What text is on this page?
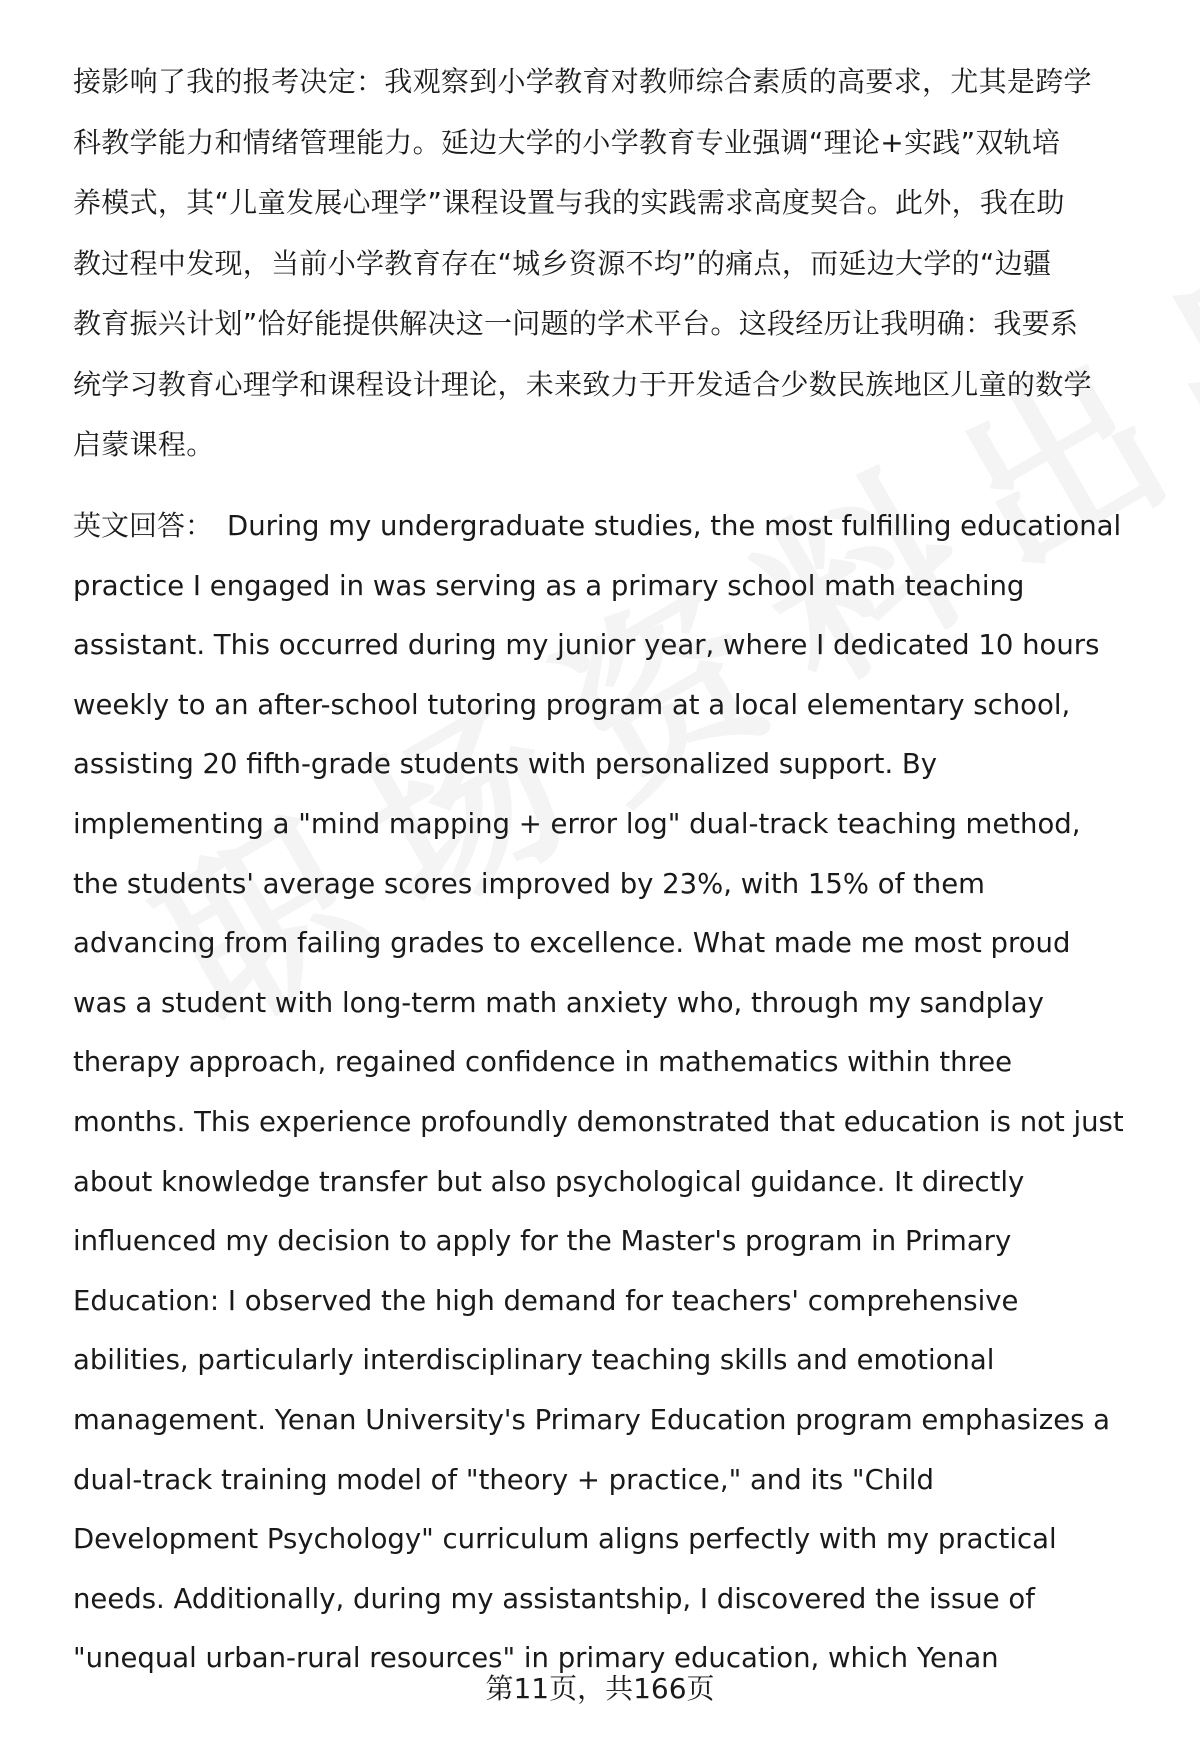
接影响了我的报考决定：我观察到小学教育对教师综合素质的高要求，尤其是跨学
科教学能力和情绪管理能力。延边大学的小学教育专业强调“理论+实践”双轨培
养模式，其“儿童发展心理学”课程设置与我的实践需求高度契合。此外，我在助
教过程中发现，当前小学教育存在“城乡资源不均”的痛点，而延边大学的“边疆
教育振兴计划”恰好能提供解决这一问题的学术平台。这段经历让我明确：我要系
统学习教育心理学和课程设计理论，未来致力于开发适合少数民族地区儿童的数学
启蒙课程。
英文回答： During my undergraduate studies, the most fulfilling educational
practice I engaged in was serving as a primary school math teaching
assistant. This occurred during my junior year, where I dedicated 10 hours
weekly to an after-school tutoring program at a local elementary school,
assisting 20 fifth-grade students with personalized support. By
implementing a "mind mapping + error log" dual-track teaching method,
the students' average scores improved by 23%, with 15% of them
advancing from failing grades to excellence. What made me most proud
was a student with long-term math anxiety who, through my sandplay
therapy approach, regained confidence in mathematics within three
months. This experience profoundly demonstrated that education is not just
about knowledge transfer but also psychological guidance. It directly
influenced my decision to apply for the Master's program in Primary
Education: I observed the high demand for teachers' comprehensive
abilities, particularly interdisciplinary teaching skills and emotional
management. Yenan University's Primary Education program emphasizes a
dual-track training model of "theory + practice," and its "Child
Development Psychology" curriculum aligns perfectly with my practical
needs. Additionally, during my assistantship, I discovered the issue of
"unequal urban-rural resources" in primary education, which Yenan
第11页，共166页
